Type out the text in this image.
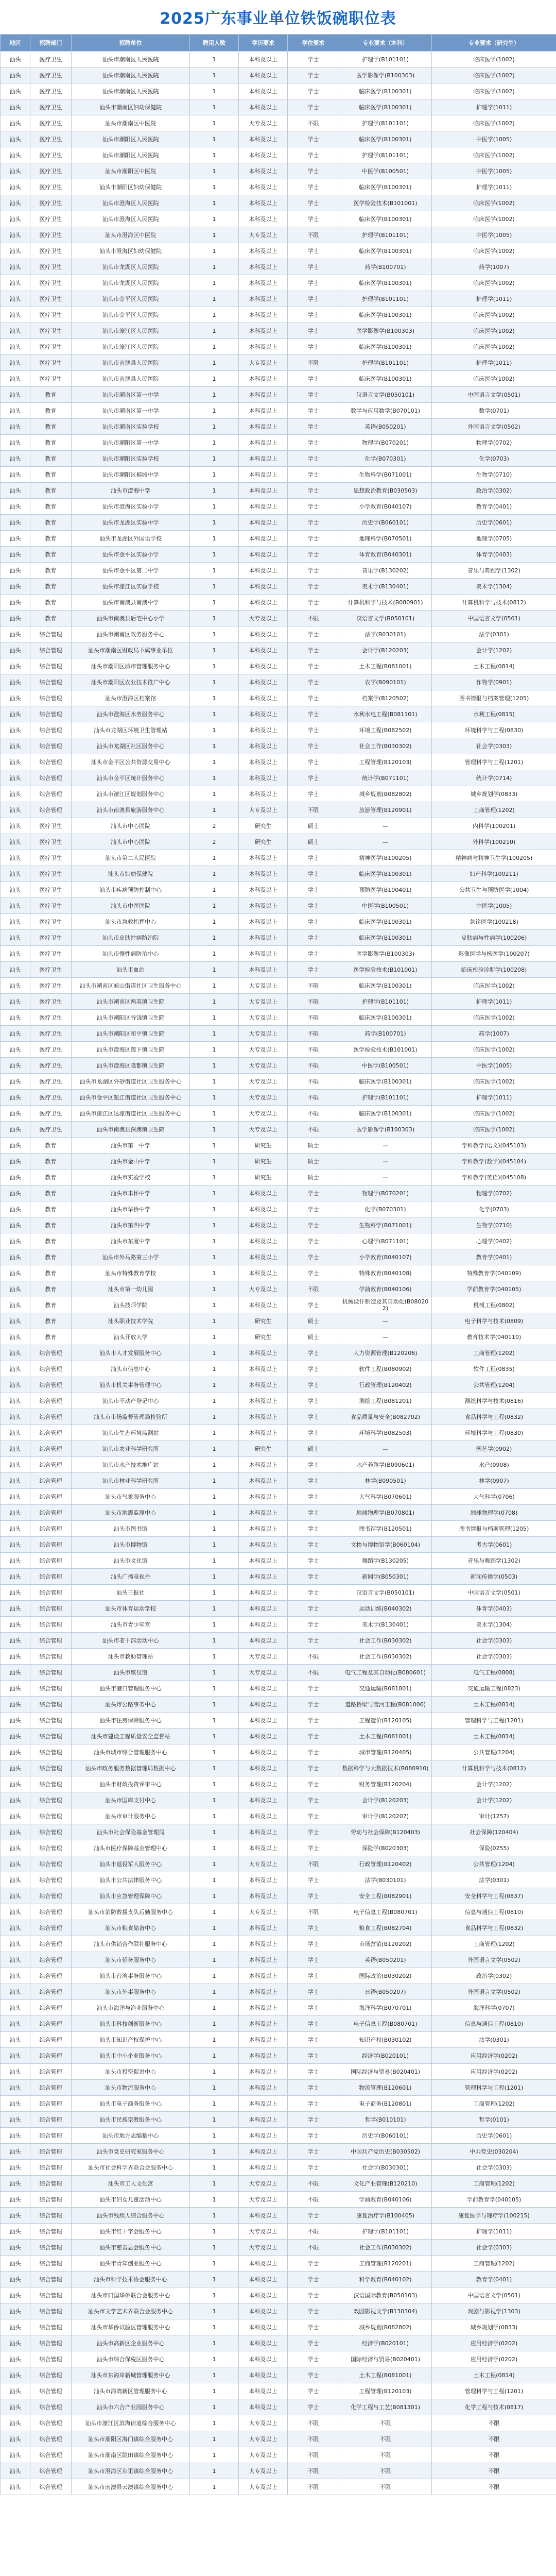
2025广东事业单位铁饭碗职位表
地区	招聘部门	招聘单位	聘用人数	学历要求	学位要求	专业要求（本科）	专业要求（研究生）
汕头	医疗卫生	汕头市潮南区人民医院	1	本科及以上	学士	护理学(B101101)	临床医学(1002)
汕头	医疗卫生	汕头市潮南区人民医院	1	本科及以上	学士	医学影像学(B100303)	临床医学(1002)
汕头	医疗卫生	汕头市潮南区人民医院	1	本科及以上	学士	临床医学(B100301)	临床医学(1002)
汕头	医疗卫生	汕头市潮南区妇幼保健院	1	本科及以上	学士	临床医学(B100301)	护理学(1011)
汕头	医疗卫生	汕头市潮南区中医院	1	大专及以上	不限	护理学(B101101)	临床医学(1002)
汕头	医疗卫生	汕头市潮阳区人民医院	1	本科及以上	学士	临床医学(B100301)	中医学(1005)
汕头	医疗卫生	汕头市潮阳区人民医院	1	本科及以上	学士	护理学(B101101)	临床医学(1002)
汕头	医疗卫生	汕头市潮阳区中医院	1	本科及以上	学士	中医学(B100501)	中医学(1005)
汕头	医疗卫生	汕头市潮阳区妇幼保健院	1	本科及以上	学士	临床医学(B100301)	护理学(1011)
汕头	医疗卫生	汕头市澄海区人民医院	1	本科及以上	学士	医学检验技术(B101001)	临床医学(1002)
汕头	医疗卫生	汕头市澄海区人民医院	1	本科及以上	学士	临床医学(B100301)	临床医学(1002)
汕头	医疗卫生	汕头市澄海区中医院	1	大专及以上	不限	护理学(B101101)	中医学(1005)
汕头	医疗卫生	汕头市澄海区妇幼保健院	1	本科及以上	学士	临床医学(B100301)	临床医学(1002)
汕头	医疗卫生	汕头市龙湖区人民医院	1	本科及以上	学士	药学(B100701)	药学(1007)
汕头	医疗卫生	汕头市龙湖区人民医院	1	本科及以上	学士	临床医学(B100301)	临床医学(1002)
汕头	医疗卫生	汕头市金平区人民医院	1	本科及以上	学士	护理学(B101101)	护理学(1011)
汕头	医疗卫生	汕头市金平区人民医院	1	本科及以上	学士	临床医学(B100301)	临床医学(1002)
汕头	医疗卫生	汕头市濠江区人民医院	1	本科及以上	学士	医学影像学(B100303)	临床医学(1002)
汕头	医疗卫生	汕头市濠江区人民医院	1	本科及以上	学士	临床医学(B100301)	临床医学(1002)
汕头	医疗卫生	汕头市南澳县人民医院	1	大专及以上	不限	护理学(B101101)	护理学(1011)
汕头	医疗卫生	汕头市南澳县人民医院	1	本科及以上	学士	临床医学(B100301)	临床医学(1002)
汕头	教育	汕头市潮南区第一中学	1	本科及以上	学士	汉语言文学(B050101)	中国语言文学(0501)
汕头	教育	汕头市潮南区第一中学	1	本科及以上	学士	数学与应用数学(B070101)	数学(0701)
汕头	教育	汕头市潮南区实验学校	1	本科及以上	学士	英语(B050201)	外国语言文学(0502)
汕头	教育	汕头市潮阳区第一中学	1	本科及以上	学士	物理学(B070201)	物理学(0702)
汕头	教育	汕头市潮阳区实验学校	1	本科及以上	学士	化学(B070301)	化学(0703)
汕头	教育	汕头市潮阳区棉城中学	1	本科及以上	学士	生物科学(B071001)	生物学(0710)
汕头	教育	汕头市澄海中学	1	本科及以上	学士	思想政治教育(B030503)	政治学(0302)
汕头	教育	汕头市澄海区实验小学	1	本科及以上	学士	小学教育(B040107)	教育学(0401)
汕头	教育	汕头市龙湖区实验中学	1	本科及以上	学士	历史学(B060101)	历史学(0601)
汕头	教育	汕头市龙湖区外国语学校	1	本科及以上	学士	地理科学(B070501)	地理学(0705)
汕头	教育	汕头市金平区实验小学	1	本科及以上	学士	体育教育(B040301)	体育学(0403)
汕头	教育	汕头市金平区第二中学	1	本科及以上	学士	音乐学(B130202)	音乐与舞蹈学(1302)
汕头	教育	汕头市濠江区实验学校	1	本科及以上	学士	美术学(B130401)	美术学(1304)
汕头	教育	汕头市南澳县南澳中学	1	本科及以上	学士	计算机科学与技术(B080901)	计算机科学与技术(0812)
汕头	教育	汕头市南澳县后宅中心小学	1	大专及以上	不限	汉语言文学(B050101)	中国语言文学(0501)
汕头	综合管理	汕头市潮南区政务服务中心	1	本科及以上	学士	法学(B030101)	法学(0301)
汕头	综合管理	汕头市潮南区财政局下属事业单位	1	本科及以上	学士	会计学(B120203)	会计学(1202)
汕头	综合管理	汕头市潮阳区城市管理服务中心	1	本科及以上	学士	土木工程(B081001)	土木工程(0814)
汕头	综合管理	汕头市潮阳区农业技术推广中心	1	本科及以上	学士	农学(B090101)	作物学(0901)
汕头	综合管理	汕头市澄海区档案馆	1	本科及以上	学士	档案学(B120502)	图书情报与档案管理(1205)
汕头	综合管理	汕头市澄海区水务服务中心	1	本科及以上	学士	水利水电工程(B081101)	水利工程(0815)
汕头	综合管理	汕头市龙湖区环境卫生管理站	1	本科及以上	学士	环境工程(B082502)	环境科学与工程(0830)
汕头	综合管理	汕头市龙湖区社区服务中心	1	本科及以上	学士	社会工作(B030302)	社会学(0303)
汕头	综合管理	汕头市金平区公共资源交易中心	1	本科及以上	学士	工程管理(B120103)	管理科学与工程(1201)
汕头	综合管理	汕头市金平区统计服务中心	1	本科及以上	学士	统计学(B071101)	统计学(0714)
汕头	综合管理	汕头市濠江区规划服务中心	1	本科及以上	学士	城乡规划(B082802)	城乡规划学(0833)
汕头	综合管理	汕头市南澳县旅游服务中心	1	大专及以上	不限	旅游管理(B120901)	工商管理(1202)
汕头	医疗卫生	汕头市中心医院	2	研究生	硕士	—	内科学(100201)
汕头	医疗卫生	汕头市中心医院	2	研究生	硕士	—	外科学(100210)
汕头	医疗卫生	汕头市第二人民医院	1	本科及以上	学士	精神医学(B100205)	精神病与精神卫生学(100205)
汕头	医疗卫生	汕头市妇幼保健院	1	本科及以上	学士	临床医学(B100301)	妇产科学(100211)
汕头	医疗卫生	汕头市疾病预防控制中心	1	本科及以上	学士	预防医学(B100401)	公共卫生与预防医学(1004)
汕头	医疗卫生	汕头市中医医院	1	本科及以上	学士	中医学(B100501)	中医学(1005)
汕头	医疗卫生	汕头市急救指挥中心	1	本科及以上	学士	临床医学(B100301)	急诊医学(100218)
汕头	医疗卫生	汕头市皮肤性病防治院	1	本科及以上	学士	临床医学(B100301)	皮肤病与性病学(100206)
汕头	医疗卫生	汕头市慢性病防治中心	1	本科及以上	学士	医学影像学(B100303)	影像医学与核医学(100207)
汕头	医疗卫生	汕头市血站	1	本科及以上	学士	医学检验技术(B101001)	临床检验诊断学(100208)
汕头	医疗卫生	汕头市潮南区峡山街道社区卫生服务中心	1	大专及以上	不限	临床医学(B100301)	临床医学(1002)
汕头	医疗卫生	汕头市潮南区两英镇卫生院	1	大专及以上	不限	护理学(B101101)	护理学(1011)
汕头	医疗卫生	汕头市潮阳区谷饶镇卫生院	1	大专及以上	不限	临床医学(B100301)	临床医学(1002)
汕头	医疗卫生	汕头市潮阳区和平镇卫生院	1	大专及以上	不限	药学(B100701)	药学(1007)
汕头	医疗卫生	汕头市澄海区莲下镇卫生院	1	大专及以上	不限	医学检验技术(B101001)	临床医学(1002)
汕头	医疗卫生	汕头市澄海区隆都镇卫生院	1	大专及以上	不限	中医学(B100501)	中医学(1005)
汕头	医疗卫生	汕头市龙湖区外砂街道社区卫生服务中心	1	大专及以上	不限	临床医学(B100301)	临床医学(1002)
汕头	医疗卫生	汕头市金平区鮀江街道社区卫生服务中心	1	大专及以上	不限	护理学(B101101)	护理学(1011)
汕头	医疗卫生	汕头市濠江区达濠街道社区卫生服务中心	1	大专及以上	不限	临床医学(B100301)	临床医学(1002)
汕头	医疗卫生	汕头市南澳县深澳镇卫生院	1	大专及以上	不限	医学影像学(B100303)	临床医学(1002)
汕头	教育	汕头市第一中学	1	研究生	硕士	—	学科教学(语文)(045103)
汕头	教育	汕头市金山中学	1	研究生	硕士	—	学科教学(数学)(045104)
汕头	教育	汕头市实验学校	1	研究生	硕士	—	学科教学(英语)(045108)
汕头	教育	汕头市聿怀中学	1	本科及以上	学士	物理学(B070201)	物理学(0702)
汕头	教育	汕头市华侨中学	1	本科及以上	学士	化学(B070301)	化学(0703)
汕头	教育	汕头市第四中学	1	本科及以上	学士	生物科学(B071001)	生物学(0710)
汕头	教育	汕头市东厦中学	1	本科及以上	学士	心理学(B071101)	心理学(0402)
汕头	教育	汕头市外马路第三小学	1	本科及以上	学士	小学教育(B040107)	教育学(0401)
汕头	教育	汕头市特殊教育学校	1	本科及以上	学士	特殊教育(B040108)	特殊教育学(040109)
汕头	教育	汕头市第一幼儿园	1	大专及以上	不限	学前教育(B040106)	学前教育学(040105)
汕头	教育	汕头技师学院	1	本科及以上	学士	机械设计制造及其自动化(B080202)	机械工程(0802)
汕头	教育	汕头职业技术学院	1	研究生	硕士	—	电子科学与技术(0809)
汕头	教育	汕头开放大学	1	研究生	硕士	—	教育技术学(040110)
汕头	综合管理	汕头市人才发展服务中心	1	本科及以上	学士	人力资源管理(B120206)	工商管理(1202)
汕头	综合管理	汕头市信息中心	1	本科及以上	学士	软件工程(B080902)	软件工程(0835)
汕头	综合管理	汕头市机关事务管理中心	1	本科及以上	学士	行政管理(B120402)	公共管理(1204)
汕头	综合管理	汕头市不动产登记中心	1	本科及以上	学士	测绘工程(B081201)	测绘科学与技术(0816)
汕头	综合管理	汕头市市场监督管理局检验所	1	本科及以上	学士	食品质量与安全(B082702)	食品科学与工程(0832)
汕头	综合管理	汕头市生态环境监测站	1	本科及以上	学士	环境科学(B082503)	环境科学与工程(0830)
汕头	综合管理	汕头市农业科学研究所	1	研究生	硕士	—	园艺学(0902)
汕头	综合管理	汕头市水产技术推广站	1	本科及以上	学士	水产养殖学(B090601)	水产(0908)
汕头	综合管理	汕头市林业科学研究所	1	本科及以上	学士	林学(B090501)	林学(0907)
汕头	综合管理	汕头市气象服务中心	1	本科及以上	学士	大气科学(B070601)	大气科学(0706)
汕头	综合管理	汕头市地震监测中心	1	本科及以上	学士	地球物理学(B070801)	地球物理学(0708)
汕头	综合管理	汕头市图书馆	1	本科及以上	学士	图书馆学(B120501)	图书情报与档案管理(1205)
汕头	综合管理	汕头市博物馆	1	本科及以上	学士	文物与博物馆学(B060104)	考古学(0601)
汕头	综合管理	汕头市文化馆	1	本科及以上	学士	舞蹈学(B130205)	音乐与舞蹈学(1302)
汕头	综合管理	汕头广播电视台	1	本科及以上	学士	新闻学(B050301)	新闻传播学(0503)
汕头	综合管理	汕头日报社	1	本科及以上	学士	汉语言文学(B050101)	中国语言文学(0501)
汕头	综合管理	汕头市体育运动学校	1	本科及以上	学士	运动训练(B040302)	体育学(0403)
汕头	综合管理	汕头市青少年宫	1	本科及以上	学士	美术学(B130401)	美术学(1304)
汕头	综合管理	汕头市老干部活动中心	1	本科及以上	学士	社会工作(B030302)	社会学(0303)
汕头	综合管理	汕头市救助管理站	1	大专及以上	不限	社会工作(B030302)	社会学(0303)
汕头	综合管理	汕头市殡仪馆	1	大专及以上	不限	电气工程及其自动化(B080601)	电气工程(0808)
汕头	综合管理	汕头市港口管理服务中心	1	本科及以上	学士	交通运输(B081801)	交通运输工程(0823)
汕头	综合管理	汕头市公路事务中心	1	本科及以上	学士	道路桥梁与渡河工程(B081006)	土木工程(0814)
汕头	综合管理	汕头市住房保障服务中心	1	本科及以上	学士	工程造价(B120105)	管理科学与工程(1201)
汕头	综合管理	汕头市建设工程质量安全监督站	1	本科及以上	学士	土木工程(B081001)	土木工程(0814)
汕头	综合管理	汕头市城市综合管理服务中心	1	本科及以上	学士	城市管理(B120405)	公共管理(1204)
汕头	综合管理	汕头市政务服务数据管理局数据中心	1	本科及以上	学士	数据科学与大数据技术(B080910)	计算机科学与技术(0812)
汕头	综合管理	汕头市财政投资评审中心	1	本科及以上	学士	财务管理(B120204)	会计学(1202)
汕头	综合管理	汕头市国库支付中心	1	本科及以上	学士	会计学(B120203)	会计学(1202)
汕头	综合管理	汕头市审计服务中心	1	本科及以上	学士	审计学(B120207)	审计(1257)
汕头	综合管理	汕头市社会保险基金管理局	1	本科及以上	学士	劳动与社会保障(B120403)	社会保障(120404)
汕头	综合管理	汕头市医疗保障基金管理中心	1	本科及以上	学士	保险学(B020303)	保险(0255)
汕头	综合管理	汕头市退役军人服务中心	1	大专及以上	不限	行政管理(B120402)	公共管理(1204)
汕头	综合管理	汕头市公共法律服务中心	1	本科及以上	学士	法学(B030101)	法学(0301)
汕头	综合管理	汕头市应急管理保障中心	1	本科及以上	学士	安全工程(B082901)	安全科学与工程(0837)
汕头	综合管理	汕头市消防救援支队后勤服务中心	1	大专及以上	不限	电子信息工程(B080701)	信息与通信工程(0810)
汕头	综合管理	汕头市粮食储备中心	1	本科及以上	学士	粮食工程(B082704)	食品科学与工程(0832)
汕头	综合管理	汕头市供销合作联社服务中心	1	本科及以上	学士	市场营销(B120202)	工商管理(1202)
汕头	综合管理	汕头市侨务服务中心	1	本科及以上	学士	英语(B050201)	外国语言文学(0502)
汕头	综合管理	汕头市台湾事务服务中心	1	本科及以上	学士	国际政治(B030202)	政治学(0302)
汕头	综合管理	汕头市外事服务中心	1	本科及以上	学士	日语(B050207)	外国语言文学(0502)
汕头	综合管理	汕头市海洋与渔业服务中心	1	本科及以上	学士	海洋科学(B070701)	海洋科学(0707)
汕头	综合管理	汕头市科技创新服务中心	1	本科及以上	学士	电子信息工程(B080701)	信息与通信工程(0810)
汕头	综合管理	汕头市知识产权保护中心	1	本科及以上	学士	知识产权(B030102)	法学(0301)
汕头	综合管理	汕头市中小企业服务中心	1	本科及以上	学士	经济学(B020101)	应用经济学(0202)
汕头	综合管理	汕头市投资促进中心	1	本科及以上	学士	国际经济与贸易(B020401)	应用经济学(0202)
汕头	综合管理	汕头市物流服务中心	1	本科及以上	学士	物流管理(B120601)	管理科学与工程(1201)
汕头	综合管理	汕头市电子商务服务中心	1	本科及以上	学士	电子商务(B120801)	工商管理(1202)
汕头	综合管理	汕头市民族宗教服务中心	1	本科及以上	学士	哲学(B010101)	哲学(0101)
汕头	综合管理	汕头市地方志编纂中心	1	本科及以上	学士	历史学(B060101)	历史学(0601)
汕头	综合管理	汕头市党史研究室服务中心	1	本科及以上	学士	中国共产党历史(B030502)	中共党史(030204)
汕头	综合管理	汕头市社会科学界联合会服务中心	1	本科及以上	学士	社会学(B030301)	社会学(0303)
汕头	综合管理	汕头市工人文化宫	1	大专及以上	不限	文化产业管理(B120210)	工商管理(1202)
汕头	综合管理	汕头市妇女儿童活动中心	1	大专及以上	不限	学前教育(B040106)	学前教育学(040105)
汕头	综合管理	汕头市残疾人综合服务中心	1	本科及以上	学士	康复治疗学(B100405)	康复医学与理疗学(100215)
汕头	综合管理	汕头市红十字会服务中心	1	大专及以上	不限	护理学(B101101)	护理学(1011)
汕头	综合管理	汕头市慈善总会服务中心	1	大专及以上	不限	社会工作(B030302)	社会学(0303)
汕头	综合管理	汕头市青年创业服务中心	1	本科及以上	学士	工商管理(B120201)	工商管理(1202)
汕头	综合管理	汕头市科学技术协会服务中心	1	本科及以上	学士	科学教育(B040102)	教育学(0401)
汕头	综合管理	汕头市归国华侨联合会服务中心	1	本科及以上	学士	汉语国际教育(B050103)	中国语言文学(0501)
汕头	综合管理	汕头市文学艺术界联合会服务中心	1	本科及以上	学士	戏剧影视文学(B130304)	戏剧与影视学(1303)
汕头	综合管理	汕头市华侨试验区管理服务中心	1	本科及以上	学士	城乡规划(B082802)	城乡规划学(0833)
汕头	综合管理	汕头市高新区企业服务中心	1	本科及以上	学士	经济学(B020101)	应用经济学(0202)
汕头	综合管理	汕头市综合保税区服务中心	1	本科及以上	学士	国际经济与贸易(B020401)	应用经济学(0202)
汕头	综合管理	汕头市东海岸新城管理服务中心	1	本科及以上	学士	土木工程(B081001)	土木工程(0814)
汕头	综合管理	汕头市海湾新区管理服务中心	1	本科及以上	学士	工程管理(B120103)	管理科学与工程(1201)
汕头	综合管理	汕头市六合产业园服务中心	1	本科及以上	学士	化学工程与工艺(B081301)	化学工程与技术(0817)
汕头	综合管理	汕头市濠江区滨海街道综合服务中心	1	大专及以上	不限	不限	不限
汕头	综合管理	汕头市潮阳区海门镇综合服务中心	1	大专及以上	不限	不限	不限
汕头	综合管理	汕头市潮南区陇田镇综合服务中心	1	大专及以上	不限	不限	不限
汕头	综合管理	汕头市澄海区东里镇综合服务中心	1	大专及以上	不限	不限	不限
汕头	综合管理	汕头市南澳县云澳镇综合服务中心	1	大专及以上	不限	不限	不限
